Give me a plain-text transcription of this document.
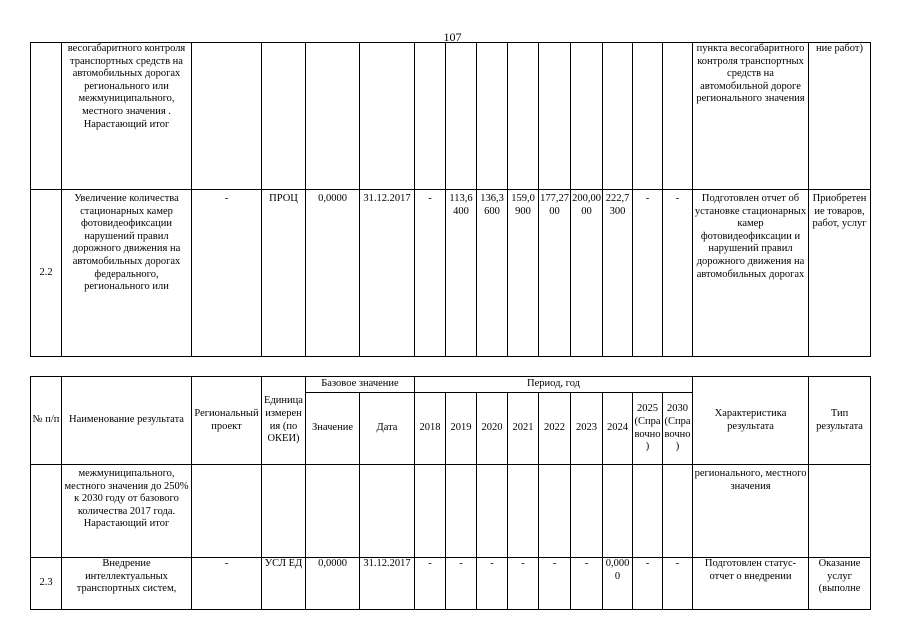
107
	весогабаритного контроля транспортных средств на автомобильных дорогах регионального или межмуниципального, местного значения . Нарастающий итог														пункта весогабаритного контроля транспортных средств на автомобильной дороге регионального значения	ние работ)
2.2	Увеличение количества стационарных камер фотовидеофиксации нарушений правил дорожного движения на автомобильных дорогах федерального, регионального или	-	ПРОЦ	0,0000	31.12.2017	-	113,6400	136,3600	159,0900	177,2700	200,0000	222,7300	-	-	Подготовлен отчет об установке стационарных камер фотовидеофиксации и нарушений правил дорожного движения на автомобильных дорогах	Приобретение товаров, работ, услуг
№ п/п	Наименование результата	Региональный проект	Единица измерения (по ОКЕИ)	Базовое значение		Период, год									Характеристика результата	Тип результата
				Значение	Дата	2018	2019	2020	2021	2022	2023	2024	2025 (Справочно)	2030 (Справочно)		
	межмуниципального, местного значения до 250% к 2030 году от базового количества 2017 года. Нарастающий итог														регионального, местного значения	
2.3	Внедрение интеллектуальных транспортных систем,	-	УСЛ ЕД	0,0000	31.12.2017	-	-	-	-	-	-	0,0000	-	-	Подготовлен статус-отчет о внедрении	Оказание услуг (выполне
